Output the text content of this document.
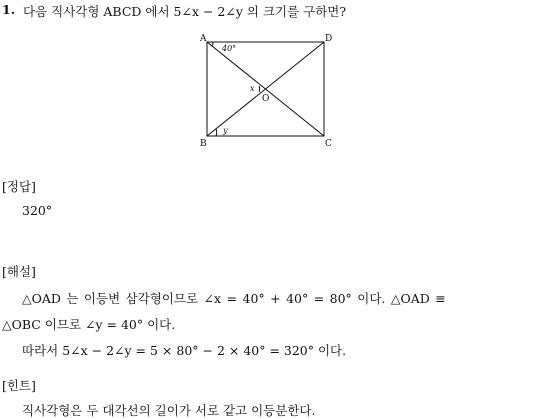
1. 다음 직사각형 ABCD 에서 5∠x − 2∠y 의 크기를 구하면?
A	D
B	C
O
40°
x
y
[정답]
320°
[해설]
△OAD 는 이등변 삼각형이므로 ∠x = 40° + 40° = 80° 이다. △OAD ≡
△OBC 이므로 ∠y = 40° 이다.
따라서 5∠x − 2∠y = 5 × 80° − 2 × 40° = 320° 이다.
[힌트]
직사각형은 두 대각선의 길이가 서로 같고 이등분한다.
